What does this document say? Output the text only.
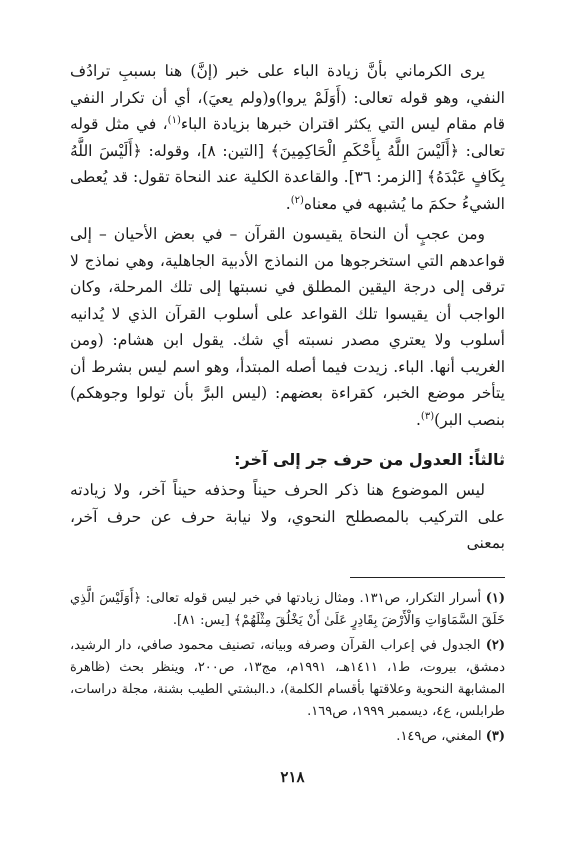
يرى الكرماني بأنَّ زيادة الباء على خبر (إنَّ) هنا بسببِ ترادُف النفي، وهو قوله تعالى: (أَوَلَمْ يروا)و(ولم يعيَ)، أي أن تكرار النفي قام مقام ليس التي يكثر اقتران خبرها بزيادة الباء$^{(١)}$، في مثل قوله تعالى: ﴿أَلَيْسَ اللَّهُ بِأَحْكَمِ الْحَاكِمِينَ﴾ [التين: ٨]، وقوله: ﴿أَلَيْسَ اللَّهُ بِكَافٍ عَبْدَهُ﴾ [الزمر: ٣٦]. والقاعدة الكلية عند النحاة تقول: قد يُعطى الشيءُ حكمَ ما يُشبهه في معناه$^{(٢)}$.

ومن عجبٍ أن النحاة يقيسون القرآن – في بعض الأحيان – إلى قواعدهم التي استخرجوها من النماذج الأدبية الجاهلية، وهي نماذج لا ترقى إلى درجة اليقين المطلق في نسبتها إلى تلك المرحلة، وكان الواجب أن يقيسوا تلك القواعد على أسلوب القرآن الذي لا يُدانيه أسلوب ولا يعتري مصدر نسبته أي شك. يقول ابن هشام: (ومن الغريب أنها. الباء. زيدت فيما أصله المبتدأ، وهو اسم ليس بشرط أن يتأخر موضع الخبر، كقراءة بعضهم: (ليس البرَّ بأن تولوا وجوهكم) بنصب البر)$^{(٣)}$.

ثالثاً: العدول من حرف جر إلى آخر:

ليس الموضوع هنا ذكر الحرف حيناً وحذفه حيناً آخر، ولا زيادته على التركيب بالمصطلح النحوي، ولا نيابة حرف عن حرف آخر، بمعنى

(١) أسرار التكرار، ص١٣١. ومثال زيادتها في خبر ليس قوله تعالى: ﴿أَوَلَيْسَ الَّذِي خَلَقَ السَّمَاوَاتِ وَالْأَرْضَ بِقَادِرٍ عَلَىٰ أَنْ يَخْلُقَ مِثْلَهُمْ﴾ [يس: ٨١].

(٢) الجدول في إعراب القرآن وصرفه وبيانه، تصنيف محمود صافي، دار الرشيد، دمشق، بيروت، ط١، ١٤١١هـ، ١٩٩١م، مج١٣، ص٢٠٠، وينظر بحث (ظاهرة المشابهة النحوية وعلاقتها بأقسام الكلمة)، د.البشتي الطيب بشنة، مجلة دراسات، طرابلس، ع٤، ديسمبر ١٩٩٩، ص١٦٩.

(٣) المغني، ص١٤٩.

٢١٨
